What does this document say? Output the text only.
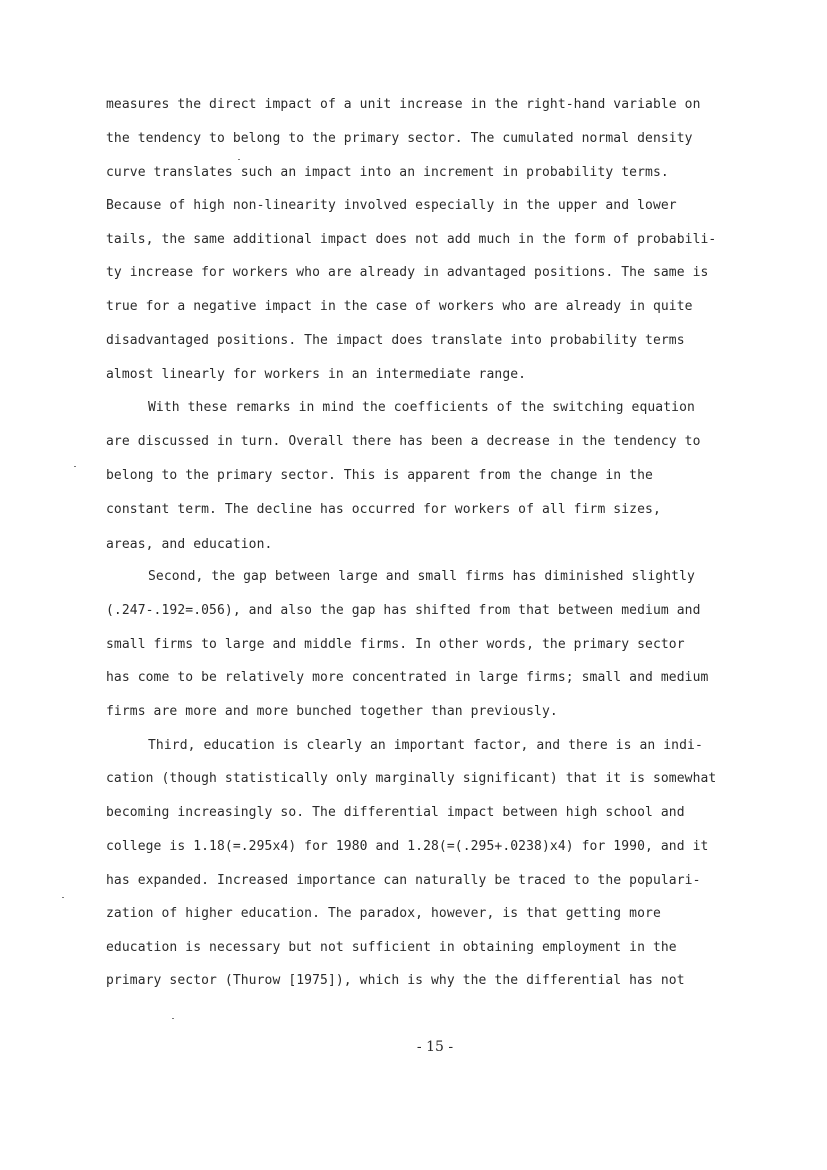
measures the direct impact of a unit increase in the right-hand variable on
the tendency to belong to the primary sector. The cumulated normal density
curve translates such an impact into an increment in probability terms.
Because of high non-linearity involved especially in the upper and lower
tails, the same additional impact does not add much in the form of probabili-
ty increase for workers who are already in advantaged positions. The same is
true for a negative impact in the case of workers who are already in quite
disadvantaged positions. The impact does translate into probability terms
almost linearly for workers in an intermediate range.
With these remarks in mind the coefficients of the switching equation
are discussed in turn. Overall there has been a decrease in the tendency to
belong to the primary sector. This is apparent from the change in the
constant term. The decline has occurred for workers of all firm sizes,
areas, and education.
Second, the gap between large and small firms has diminished slightly
(.247-.192=.056), and also the gap has shifted from that between medium and
small firms to large and middle firms. In other words, the primary sector
has come to be relatively more concentrated in large firms; small and medium
firms are more and more bunched together than previously.
Third, education is clearly an important factor, and there is an indi-
cation (though statistically only marginally significant) that it is somewhat
becoming increasingly so. The differential impact between high school and
college is 1.18(=.295x4) for 1980 and 1.28(=(.295+.0238)x4) for 1990, and it
has expanded. Increased importance can naturally be traced to the populari-
zation of higher education. The paradox, however, is that getting more
education is necessary but not sufficient in obtaining employment in the
primary sector (Thurow [1975]), which is why the the differential has not
- 15 -
